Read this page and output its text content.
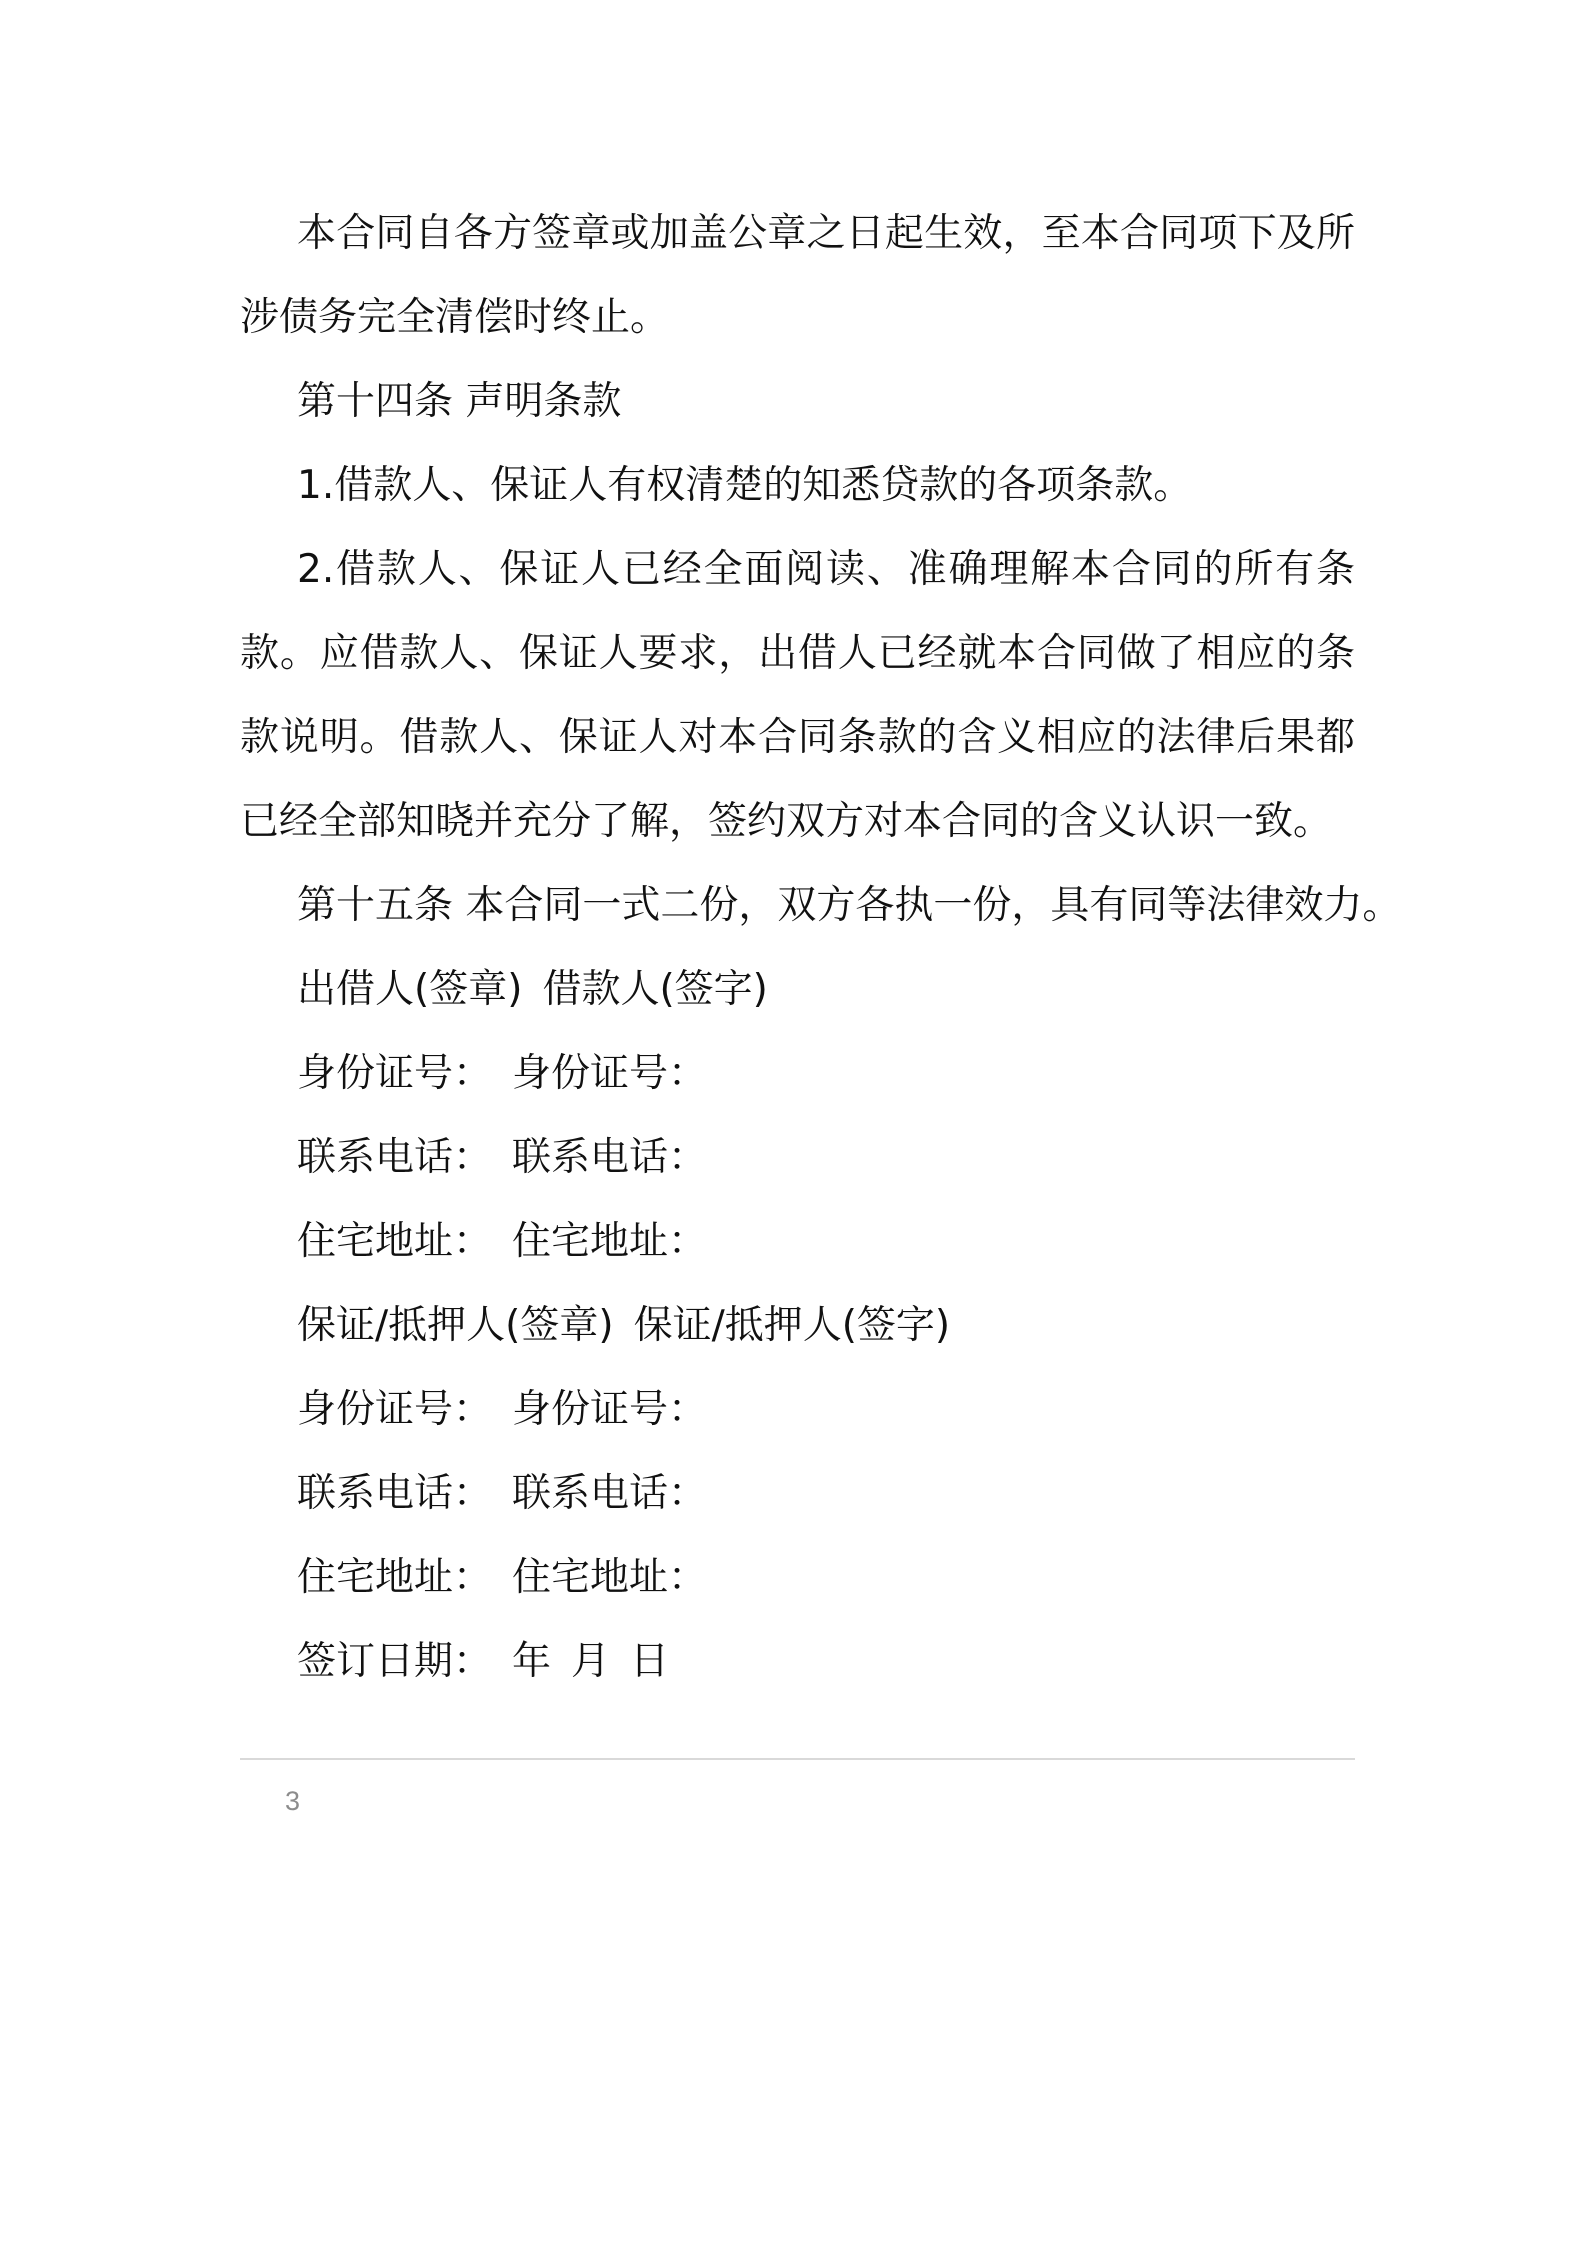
本合同自各方签章或加盖公章之日起生效，至本合同项下及所涉债务完全清偿时终止。

第十四条 声明条款

1.借款人、保证人有权清楚的知悉贷款的各项条款。

2.借款人、保证人已经全面阅读、准确理解本合同的所有条款。应借款人、保证人要求，出借人已经就本合同做了相应的条款说明。借款人、保证人对本合同条款的含义相应的法律后果都已经全部知晓并充分了解，签约双方对本合同的含义认识一致。

第十五条 本合同一式二份，双方各执一份，具有同等法律效力。

出借人(签章) 借款人(签字)

身份证号： 身份证号：

联系电话： 联系电话：

住宅地址： 住宅地址：

保证/抵押人(签章) 保证/抵押人(签字)

身份证号： 身份证号：

联系电话： 联系电话：

住宅地址： 住宅地址：

签订日期： 年 月 日

3
